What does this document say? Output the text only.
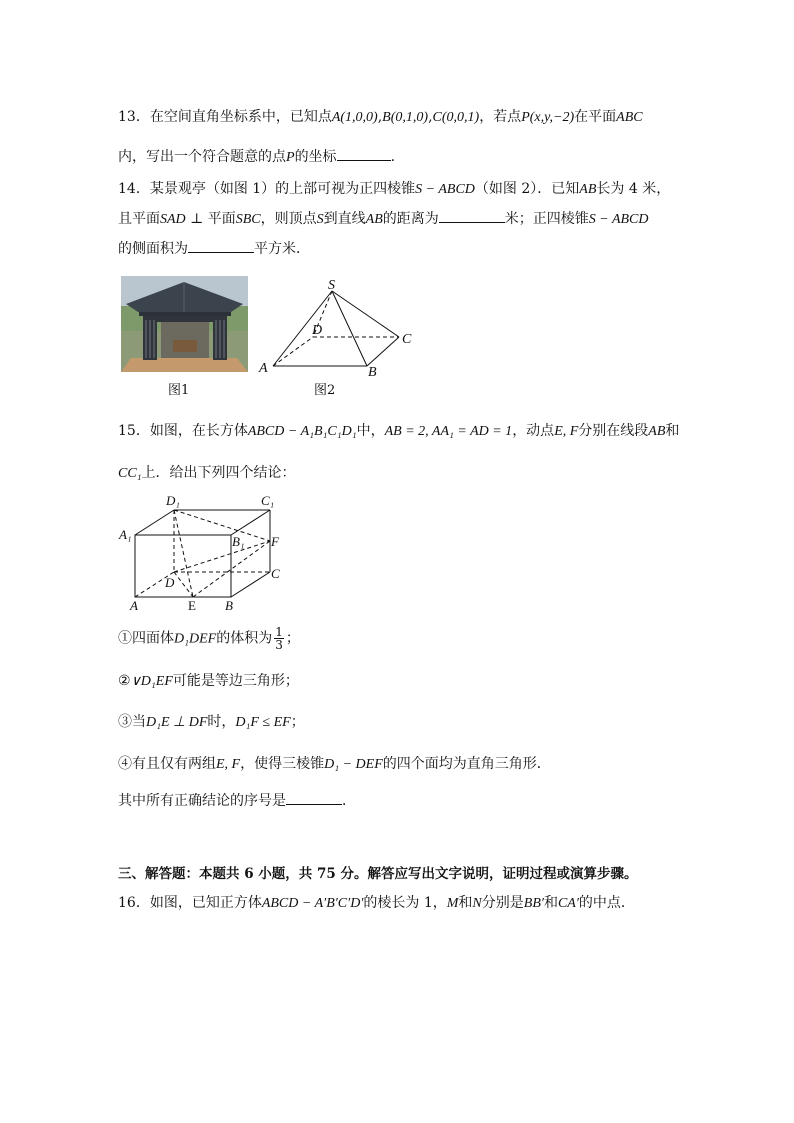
13．在空间直角坐标系中，已知点A(1,0,0),B(0,1,0),C(0,0,1)，若点P(x,y,−2)在平面ABC
内，写出一个符合题意的点P的坐标	.
14．某景观亭（如图 1）的上部可视为正四棱锥S − ABCD（如图 2）．已知AB长为 4 米，
且平面SAD ⊥ 平面SBC，则顶点S到直线AB的距离为	米；正四棱锥S − ABCD
的侧面积为	平方米．
图1
S
D
C
A	B
图2
15．如图，在长方体ABCD − A₁B₁C₁D₁中，AB = 2, AA₁ = AD = 1，动点E, F分别在线段AB和
CC₁上．给出下列四个结论：
D₁	C₁
A₁	B₁ F
D
C
A	E B
①四面体D₁DEF的体积为 $\frac{1}{3}$ ；
②∨D₁EF可能是等边三角形；
③当D₁E ⊥ DF时，D₁F ≤ EF；
④有且仅有两组E, F，使得三棱锥D₁ − DEF的四个面均为直角三角形．
其中所有正确结论的序号是	．
三、解答题：本题共 6 小题，共 75 分。解答应写出文字说明，证明过程或演算步骤。
16．如图，已知正方体ABCD − A′B′C′D′的棱长为 1，M和N分别是BB′和CA′的中点．
